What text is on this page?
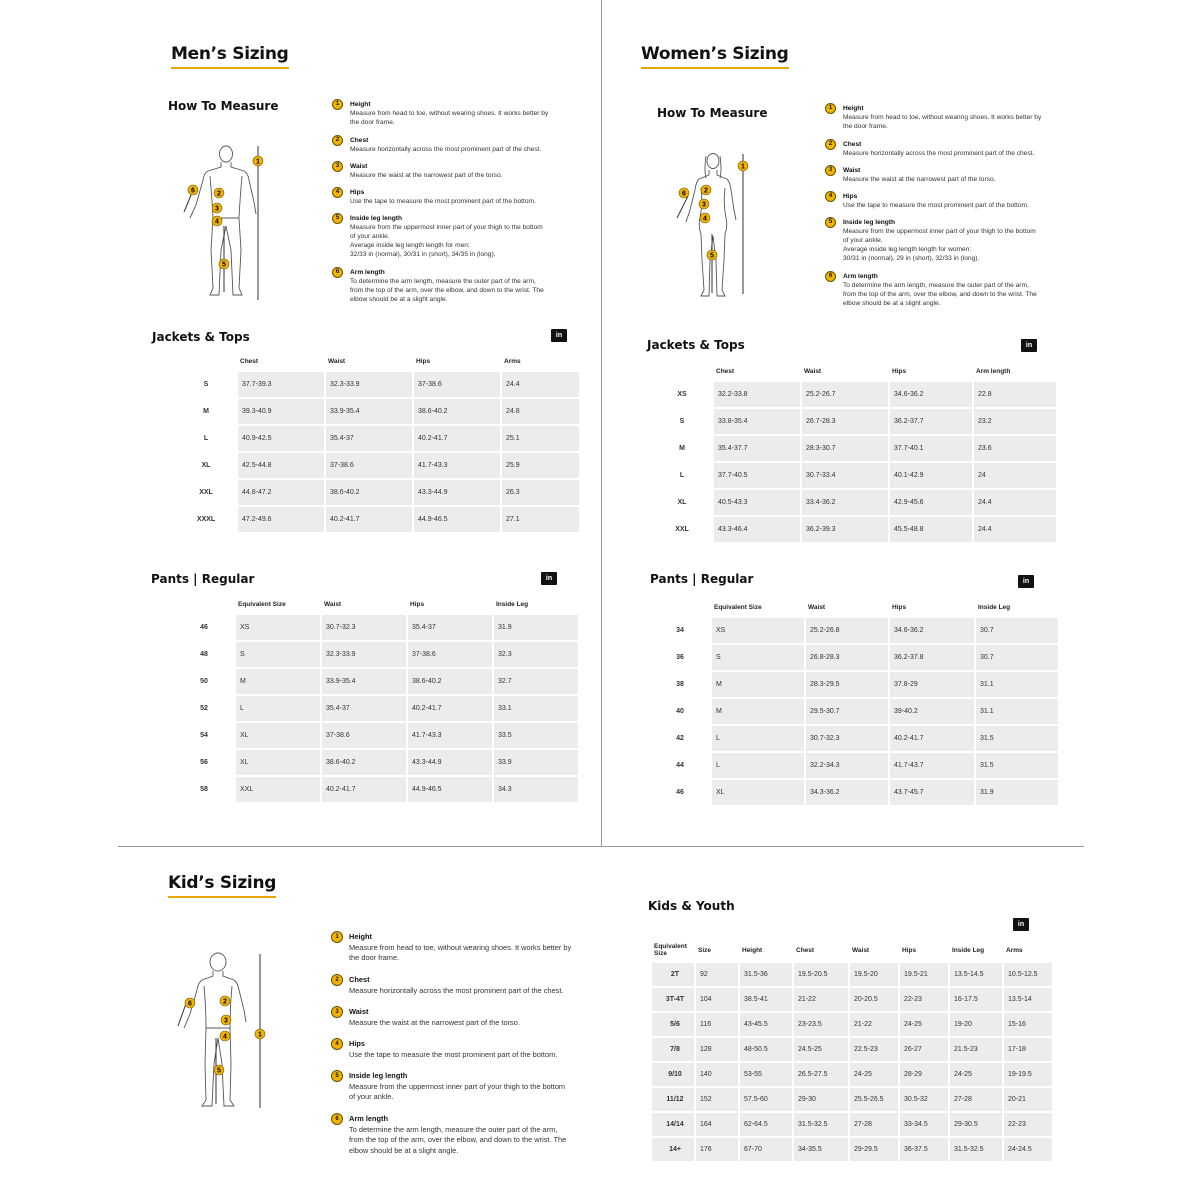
Men’s Sizing
How To Measure
1
2
3
4
5
6
1	Height
Measure from head to toe, without wearing shoes. It works better by
the door frame.
2	Chest
Measure horizontally across the most prominent part of the chest.
3	Waist
Measure the waist at the narrowest part of the torso.
4	Hips
Use the tape to measure the most prominent part of the bottom.
5	Inside leg length
Measure from the uppermost inner part of your thigh to the bottom
of your ankle.
Average inside leg length length for men:
32/33 in (normal), 30/31 in (short), 34/35 in (long).
6	Arm length
To determine the arm length, measure the outer part of the arm,
from the top of the arm, over the elbow, and down to the wrist. The
elbow should be at a slight angle.
Jackets & Tops	in
	Chest	Waist	Hips	Arms
S	37.7-39.3	32.3-33.9	37-38.6	24.4
M	39.3-40.9	33.9-35.4	38.6-40.2	24.8
L	40.9-42.5	35.4-37	40.2-41.7	25.1
XL	42.5-44.8	37-38.6	41.7-43.3	25.9
XXL	44.8-47.2	38.6-40.2	43.3-44.9	26.3
XXXL	47.2-49.6	40.2-41.7	44.9-46.5	27.1
Pants | Regular	in
	Equivalent Size	Waist	Hips	Inside Leg
46	XS	30.7-32.3	35.4-37	31.9
48	S	32.3-33.9	37-38.6	32.3
50	M	33.9-35.4	38.6-40.2	32.7
52	L	35.4-37	40.2-41.7	33.1
54	XL	37-38.6	41.7-43.3	33.5
56	XL	38.6-40.2	43.3-44.9	33.9
58	XXL	40.2-41.7	44.9-46.5	34.3
Women’s Sizing
How To Measure
1
2
3
4
5
6
1	Height
Measure from head to toe, without wearing shoes. It works better by
the door frame.
2	Chest
Measure horizontally across the most prominent part of the chest.
3	Waist
Measure the waist at the narrowest part of the torso.
4	Hips
Use the tape to measure the most prominent part of the bottom.
5	Inside leg length
Measure from the uppermost inner part of your thigh to the bottom
of your ankle.
Average inside leg length length for women:
30/31 in (normal), 29 in (short), 32/33 in (long).
6	Arm length
To determine the arm length, measure the outer part of the arm,
from the top of the arm, over the elbow, and down to the wrist. The
elbow should be at a slight angle.
Jackets & Tops	in
	Chest	Waist	Hips	Arm length
XS	32.2-33.8	25.2-26.7	34.6-36.2	22.8
S	33.8-35.4	26.7-28.3	36.2-37.7	23.2
M	35.4-37.7	28.3-30.7	37.7-40.1	23.6
L	37.7-40.5	30.7-33.4	40.1-42.9	24
XL	40.5-43.3	33.4-36.2	42.9-45.6	24.4
XXL	43.3-46.4	36.2-39.3	45.5-48.8	24.4
Pants | Regular	in
	Equivalent Size	Waist	Hips	Inside Leg
34	XS	25.2-26.8	34.6-36.2	30.7
36	S	26.8-28.3	36.2-37.8	30.7
38	M	28.3-29.5	37.8-29	31.1
40	M	29.5-30.7	39-40.2	31.1
42	L	30.7-32.3	40.2-41.7	31.5
44	L	32.2-34.3	41.7-43.7	31.5
46	XL	34.3-36.2	43.7-45.7	31.9
Kid’s Sizing
1
2
3
4
5
6
1	Height
Measure from head to toe, without wearing shoes. It works better by
the door frame.
2	Chest
Measure horizontally across the most prominent part of the chest.
3	Waist
Measure the waist at the narrowest part of the torso.
4	Hips
Use the tape to measure the most prominent part of the bottom.
5	Inside leg length
Measure from the uppermost inner part of your thigh to the bottom
of your ankle.
6	Arm length
To determine the arm length, measure the outer part of the arm,
from the top of the arm, over the elbow, and down to the wrist. The
elbow should be at a slight angle.
Kids & Youth
in
Equivalent Size	Size	Height	Chest	Waist	Hips	Inside Leg	Arms
2T	92	31.5-36	19.5-20.5	19.5-20	19.5-21	13.5-14.5	10.5-12.5
3T-4T	104	38.5-41	21-22	20-20.5	22-23	16-17.5	13.5-14
5/6	116	43-45.5	23-23.5	21-22	24-25	19-20	15-16
7/8	128	48-50.5	24.5-25	22.5-23	26-27	21.5-23	17-18
9/10	140	53-55	26.5-27.5	24-25	28-29	24-25	19-19.5
11/12	152	57.5-60	29-30	25.5-26.5	30.5-32	27-28	20-21
14/14	164	62-64.5	31.5-32.5	27-28	33-34.5	29-30.5	22-23
14+	176	67-70	34-35.5	29-29.5	36-37.5	31.5-32.5	24-24.5
